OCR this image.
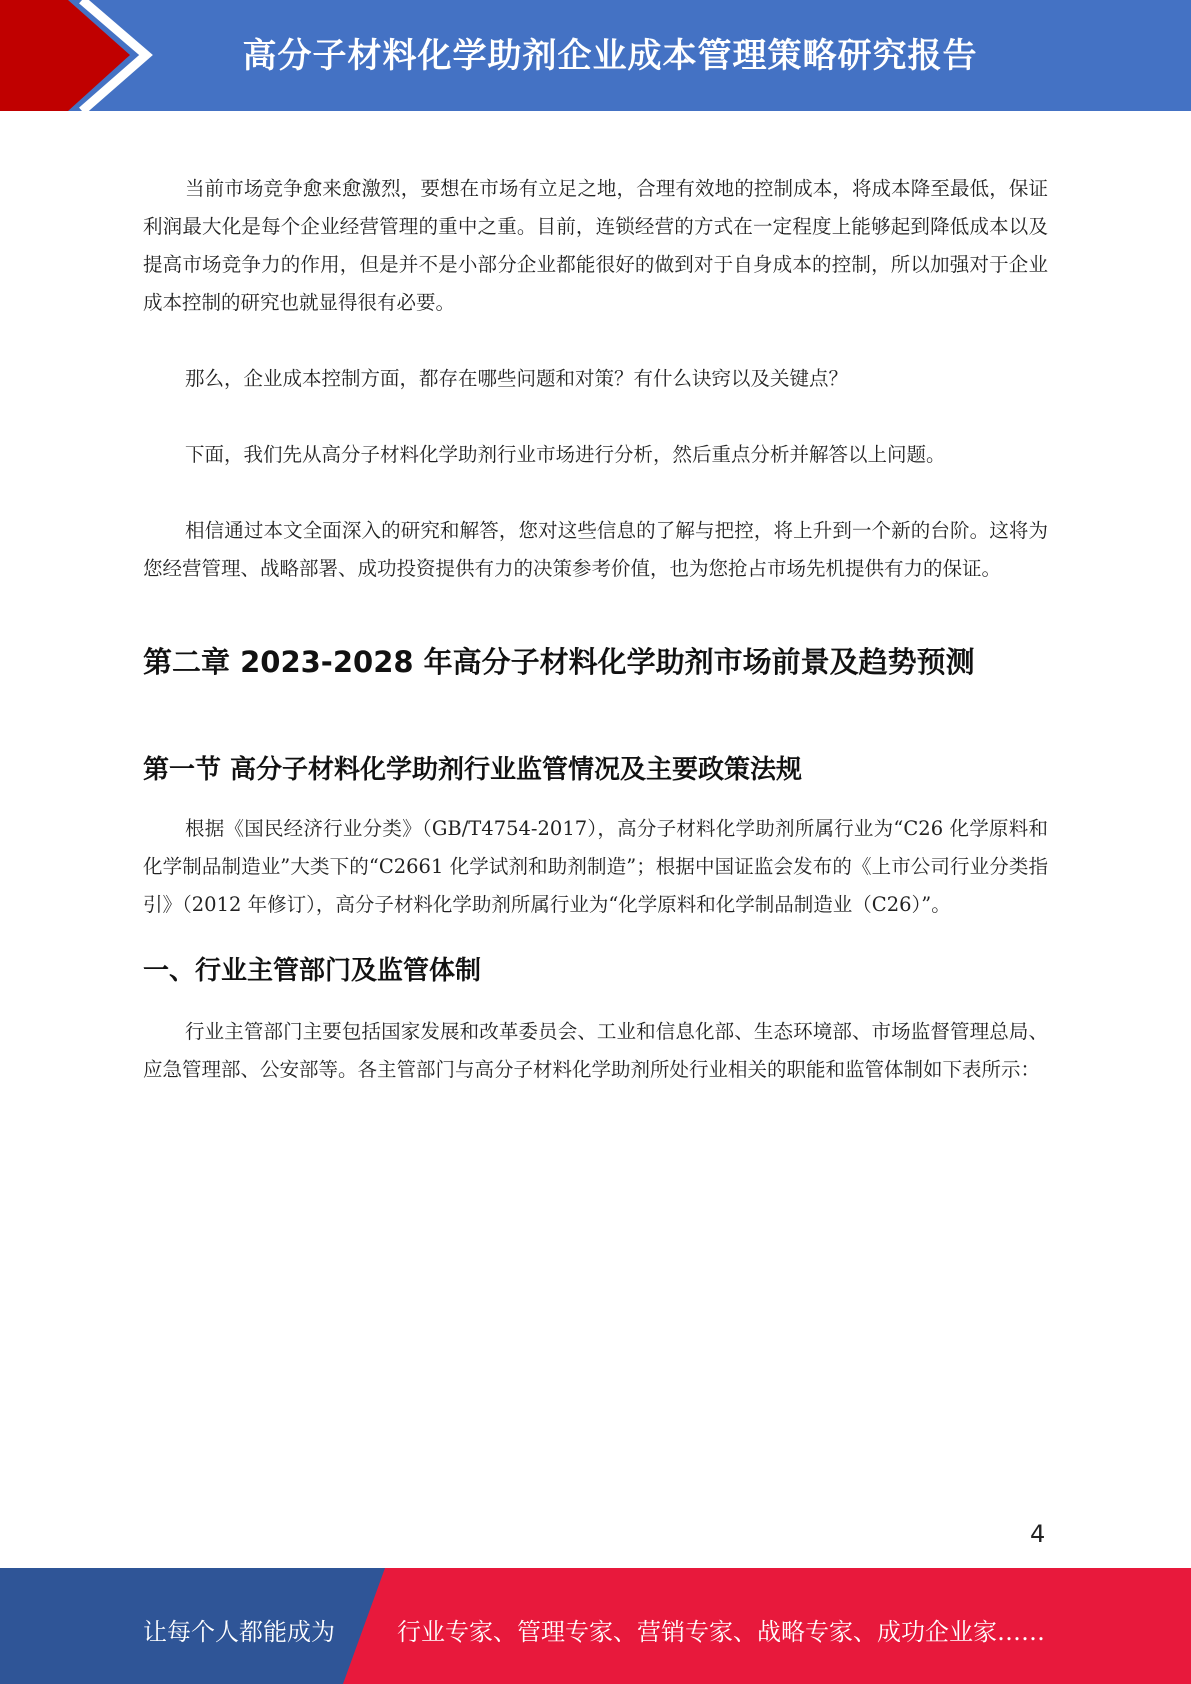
高分子材料化学助剂企业成本管理策略研究报告

当前市场竞争愈来愈激烈，要想在市场有立足之地，合理有效地的控制成本，将成本降至最低，保证利润最大化是每个企业经营管理的重中之重。目前，连锁经营的方式在一定程度上能够起到降低成本以及提高市场竞争力的作用，但是并不是小部分企业都能很好的做到对于自身成本的控制，所以加强对于企业成本控制的研究也就显得很有必要。

那么，企业成本控制方面，都存在哪些问题和对策？有什么诀窍以及关键点？

下面，我们先从高分子材料化学助剂行业市场进行分析，然后重点分析并解答以上问题。

相信通过本文全面深入的研究和解答，您对这些信息的了解与把控，将上升到一个新的台阶。这将为您经营管理、战略部署、成功投资提供有力的决策参考价值，也为您抢占市场先机提供有力的保证。

第二章 2023-2028 年高分子材料化学助剂市场前景及趋势预测
第一节 高分子材料化学助剂行业监管情况及主要政策法规

根据《国民经济行业分类》（GB/T4754-2017），高分子材料化学助剂所属行业为“C26 化学原料和化学制品制造业”大类下的“C2661 化学试剂和助剂制造”；根据中国证监会发布的《上市公司行业分类指引》（2012 年修订），高分子材料化学助剂所属行业为“化学原料和化学制品制造业（C26）”。

一、行业主管部门及监管体制

行业主管部门主要包括国家发展和改革委员会、工业和信息化部、生态环境部、市场监督管理总局、应急管理部、公安部等。各主管部门与高分子材料化学助剂所处行业相关的职能和监管体制如下表所示：

4
让每个人都能成为	行业专家、管理专家、营销专家、战略专家、成功企业家……
